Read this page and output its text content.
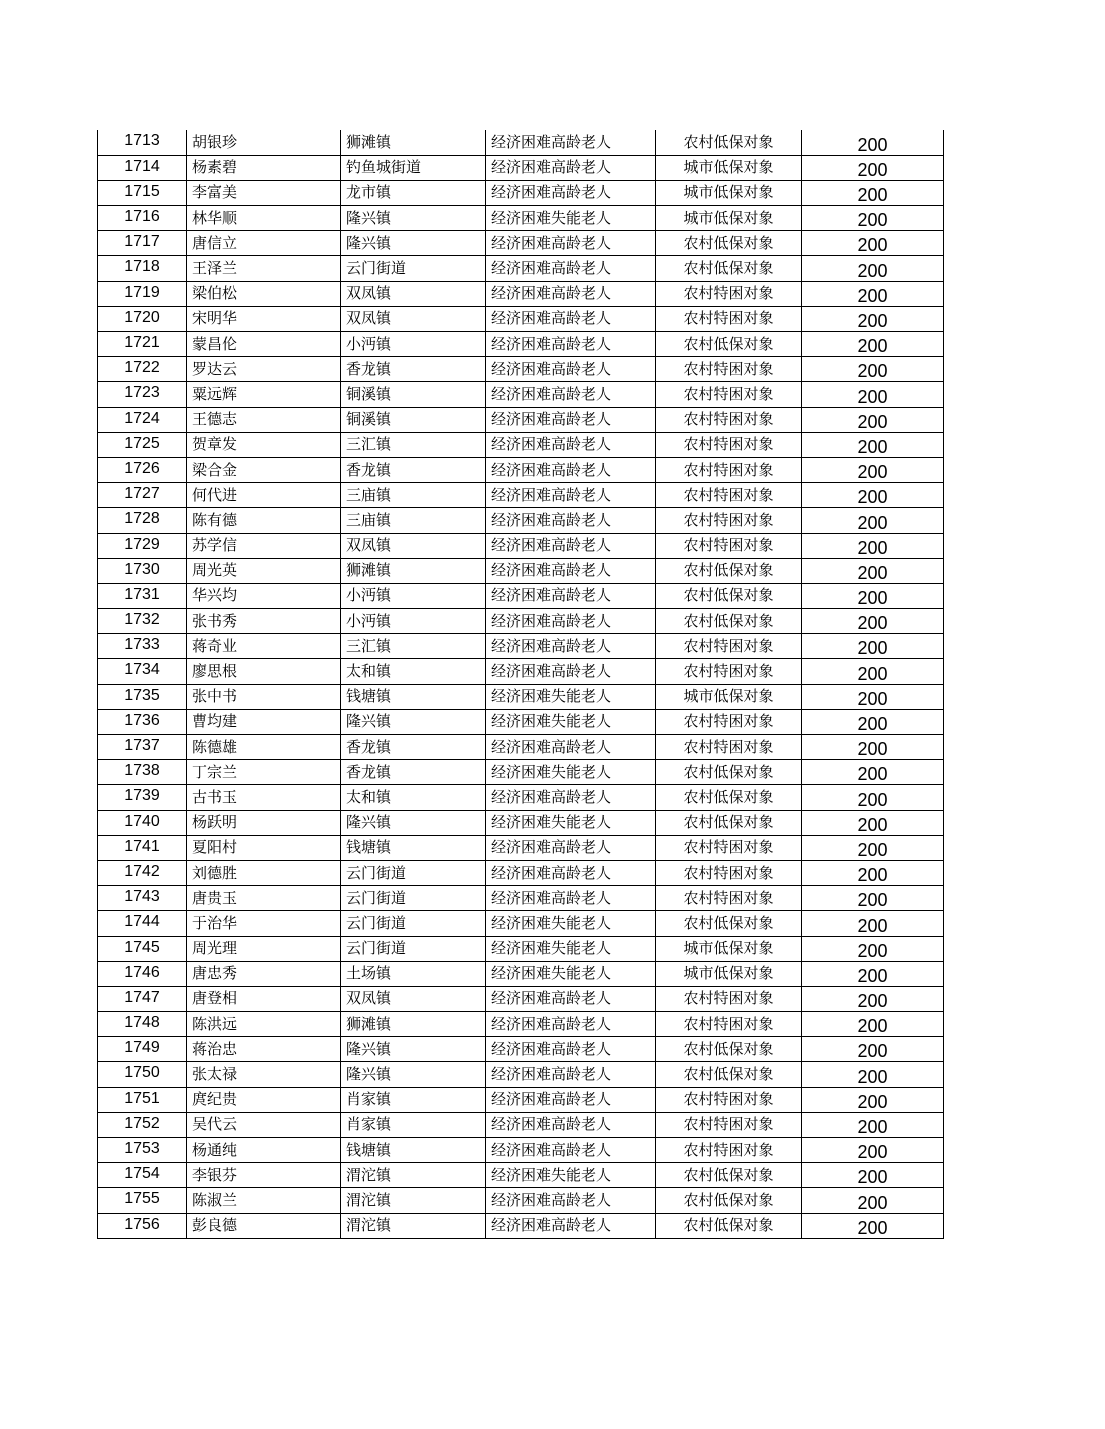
1713	胡银珍	狮滩镇	经济困难高龄老人	农村低保对象	200
1714	杨素碧	钓鱼城街道	经济困难高龄老人	城市低保对象	200
1715	李富美	龙市镇	经济困难高龄老人	城市低保对象	200
1716	林华顺	隆兴镇	经济困难失能老人	城市低保对象	200
1717	唐信立	隆兴镇	经济困难高龄老人	农村低保对象	200
1718	王泽兰	云门街道	经济困难高龄老人	农村低保对象	200
1719	梁伯松	双凤镇	经济困难高龄老人	农村特困对象	200
1720	宋明华	双凤镇	经济困难高龄老人	农村特困对象	200
1721	蒙昌伦	小沔镇	经济困难高龄老人	农村低保对象	200
1722	罗达云	香龙镇	经济困难高龄老人	农村特困对象	200
1723	粟远辉	铜溪镇	经济困难高龄老人	农村特困对象	200
1724	王德志	铜溪镇	经济困难高龄老人	农村特困对象	200
1725	贺章发	三汇镇	经济困难高龄老人	农村特困对象	200
1726	梁合金	香龙镇	经济困难高龄老人	农村特困对象	200
1727	何代进	三庙镇	经济困难高龄老人	农村特困对象	200
1728	陈有德	三庙镇	经济困难高龄老人	农村特困对象	200
1729	苏学信	双凤镇	经济困难高龄老人	农村特困对象	200
1730	周光英	狮滩镇	经济困难高龄老人	农村低保对象	200
1731	华兴均	小沔镇	经济困难高龄老人	农村低保对象	200
1732	张书秀	小沔镇	经济困难高龄老人	农村低保对象	200
1733	蒋奇业	三汇镇	经济困难高龄老人	农村特困对象	200
1734	廖思根	太和镇	经济困难高龄老人	农村特困对象	200
1735	张中书	钱塘镇	经济困难失能老人	城市低保对象	200
1736	曹均建	隆兴镇	经济困难失能老人	农村特困对象	200
1737	陈德雄	香龙镇	经济困难高龄老人	农村特困对象	200
1738	丁宗兰	香龙镇	经济困难失能老人	农村低保对象	200
1739	古书玉	太和镇	经济困难高龄老人	农村低保对象	200
1740	杨跃明	隆兴镇	经济困难失能老人	农村低保对象	200
1741	夏阳村	钱塘镇	经济困难高龄老人	农村特困对象	200
1742	刘德胜	云门街道	经济困难高龄老人	农村特困对象	200
1743	唐贵玉	云门街道	经济困难高龄老人	农村特困对象	200
1744	于治华	云门街道	经济困难失能老人	农村低保对象	200
1745	周光理	云门街道	经济困难失能老人	城市低保对象	200
1746	唐忠秀	土场镇	经济困难失能老人	城市低保对象	200
1747	唐登相	双凤镇	经济困难高龄老人	农村特困对象	200
1748	陈洪远	狮滩镇	经济困难高龄老人	农村特困对象	200
1749	蒋治忠	隆兴镇	经济困难高龄老人	农村低保对象	200
1750	张太禄	隆兴镇	经济困难高龄老人	农村低保对象	200
1751	庹纪贵	肖家镇	经济困难高龄老人	农村特困对象	200
1752	吴代云	肖家镇	经济困难高龄老人	农村特困对象	200
1753	杨通纯	钱塘镇	经济困难高龄老人	农村特困对象	200
1754	李银芬	渭沱镇	经济困难失能老人	农村低保对象	200
1755	陈淑兰	渭沱镇	经济困难高龄老人	农村低保对象	200
1756	彭良德	渭沱镇	经济困难高龄老人	农村低保对象	200
